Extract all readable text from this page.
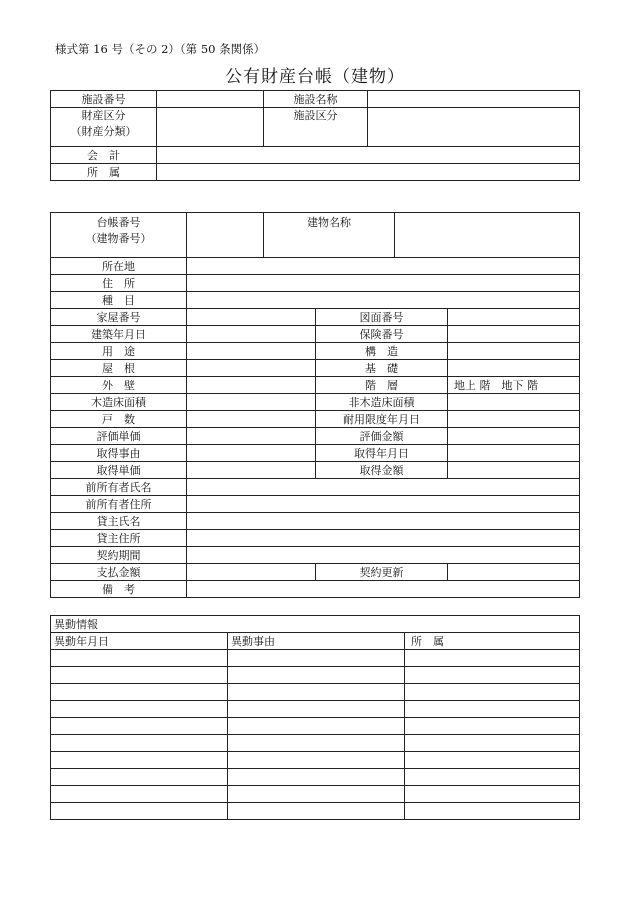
様式第 16 号（その 2）（第 50 条関係）
公有財産台帳（建物）
施設番号		施設名称	

財産区分
（財産分類）		施設区分	

会　計			
所　属			
台帳番号
（建物番号）		建物名称			

所在地					
住　所					
種　目					
家屋番号			図面番号		
建築年月日			保険番号		
用　途			構　造		
屋　根			基　礎		
外　壁			階　層		地上 階　地下 階
木造床面積			非木造床面積		
戸　数			耐用限度年月日		
評価単価			評価金額		
取得事由			取得年月日		
取得単価			取得金額		
前所有者氏名					
前所有者住所					
貸主氏名					
貸主住所					
契約期間					
支払金額			契約更新		
備　考					
異動情報		
異動年月日	異動事由	所　属
